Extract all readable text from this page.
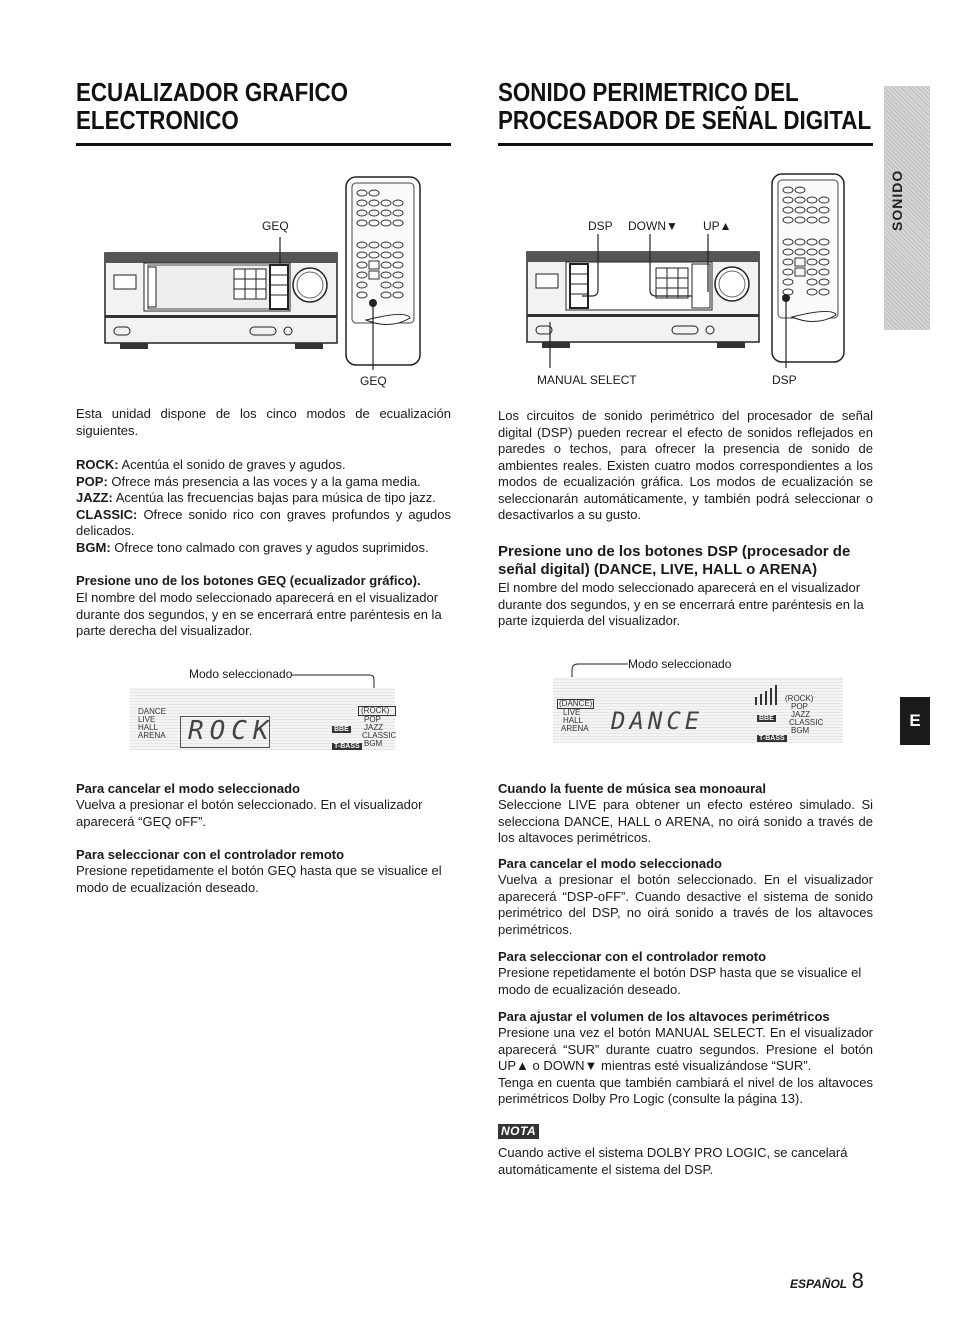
ECUALIZADOR GRAFICO
ELECTRONICO
GEQ
GEQ
Esta unidad dispone de los cinco modos de ecualización siguientes.

ROCK: Acentúa el sonido de graves y agudos.

POP: Ofrece más presencia a las voces y a la gama media.

JAZZ: Acentúa las frecuencias bajas para música de tipo jazz.

CLASSIC: Ofrece sonido rico con graves profundos y agudos delicados.

BGM: Ofrece tono calmado con graves y agudos suprimidos.

Presione uno de los botones GEQ (ecualizador gráfico).
El nombre del modo seleccionado aparecerá en el visualizador durante dos segundos, y en se encerrará entre paréntesis en la parte derecha del visualizador.
Modo seleccionado
DANCE
LIVE
HALL
ARENA ROCK	BBE
T-BASS
(ROCK)
POP
JAZZ
CLASSIC
BGM
Para cancelar el modo seleccionado
Vuelva a presionar el botón seleccionado. En el visualizador aparecerá “GEQ oFF”.
Para seleccionar con el controlador remoto
Presione repetidamente el botón GEQ hasta que se visualice el modo de ecualización deseado.
SONIDO PERIMETRICO DEL
PROCESADOR DE SEÑAL DIGITAL
DSP DOWN▼ UP▲
MANUAL SELECT	DSP
Los circuitos de sonido perimétrico del procesador de señal digital (DSP) pueden recrear el efecto de sonidos reflejados en paredes o techos, para ofrecer la presencia de sonido de ambientes reales. Existen cuatro modos correspondientes a los modos de ecualización gráfica. Los modos de ecualización se seleccionarán automáticamente, y también podrá seleccionar o desactivarlos a su gusto.
Presione uno de los botones DSP (procesador de señal digital) (DANCE, LIVE, HALL o ARENA)
El nombre del modo seleccionado aparecerá en el visualizador durante dos segundos, y en se encerrará entre paréntesis en la parte izquierda del visualizador.
Modo seleccionado
(DANCE)
LIVE
HALL
ARENA DANCE	BBE
T-BASS
(ROCK)
POP
JAZZ
CLASSIC
BGM
Cuando la fuente de música sea monoaural
Seleccione LIVE para obtener un efecto estéreo simulado. Si selecciona DANCE, HALL o ARENA, no oirá sonido a través de los altavoces perimétricos.
Para cancelar el modo seleccionado
Vuelva a presionar el botón seleccionado. En el visualizador aparecerá “DSP-oFF”. Cuando desactive el sistema de sonido perimétrico del DSP, no oirá sonido a través de los altavoces perimétricos.
Para seleccionar con el controlador remoto
Presione repetidamente el botón DSP hasta que se visualice el modo de ecualización deseado.
Para ajustar el volumen de los altavoces perimétricos

Presione una vez el botón MANUAL SELECT. En el visualizador aparecerá “SUR” durante cuatro segundos. Presione el botón UP▲ o DOWN▼ mientras esté visualizándose “SUR”.

Tenga en cuenta que también cambiará el nivel de los altavoces perimétricos Dolby Pro Logic (consulte la página 13).

NOTA
Cuando active el sistema DOLBY PRO LOGIC, se cancelará automáticamente el sistema del DSP.
SONIDO
E
ESPAÑOL 8
